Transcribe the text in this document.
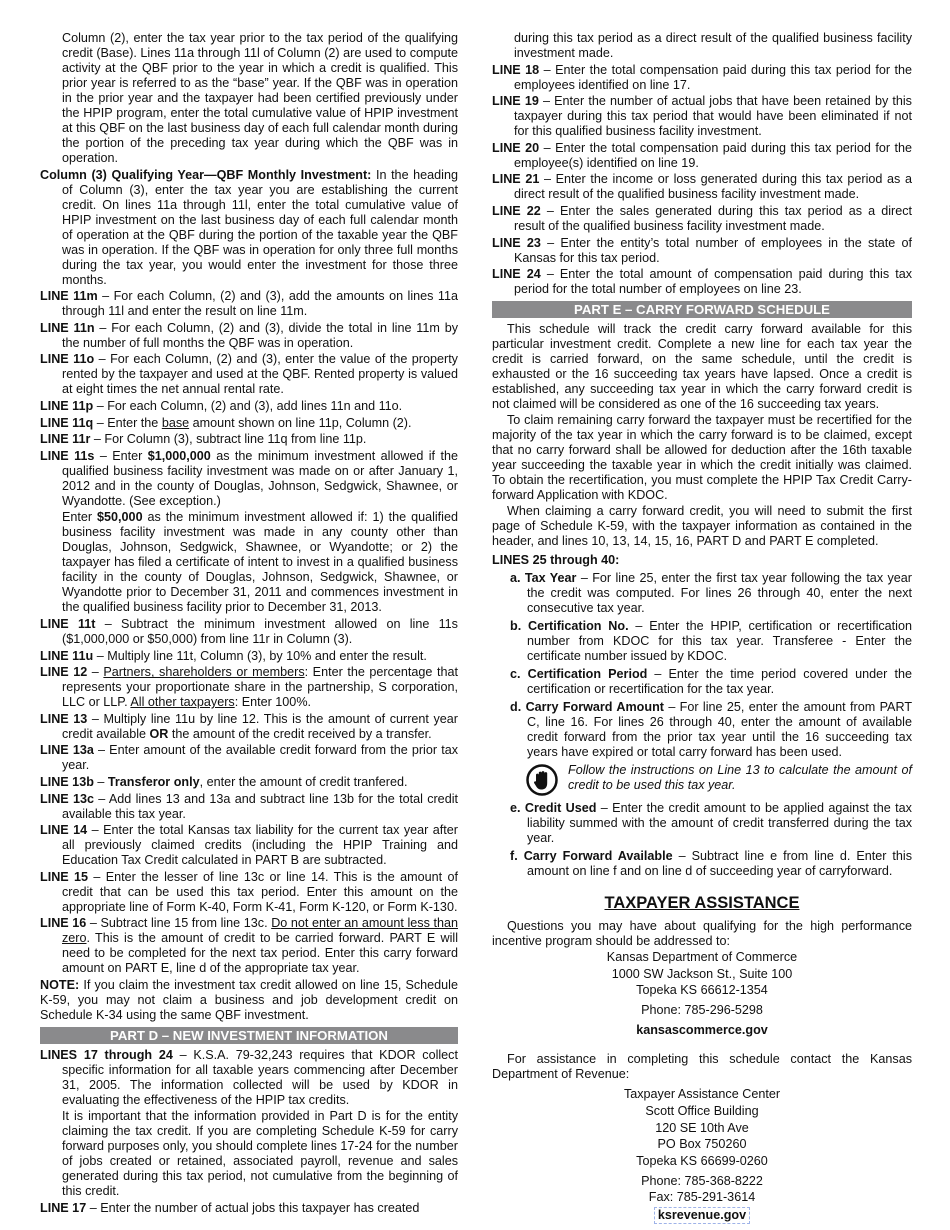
Column (2), enter the tax year prior to the tax period of the qualifying credit (Base). Lines 11a through 11l of Column (2) are used to compute activity at the QBF prior to the year in which a credit is qualified. This prior year is referred to as the “base” year. If the QBF was in operation in the prior year and the taxpayer had been certified previously under the HPIP program, enter the total cumulative value of HPIP investment at this QBF on the last business day of each full calendar month during the portion of the preceding tax year during which the QBF was in operation.
Column (3) Qualifying Year—QBF Monthly Investment: In the heading of Column (3), enter the tax year you are establishing the current credit. On lines 11a through 11l, enter the total cumulative value of HPIP investment on the last business day of each full calendar month of operation at the QBF during the portion of the taxable year the QBF was in operation. If the QBF was in operation for only three full months during the tax year, you would enter the investment for those three months.
LINE 11m – For each Column, (2) and (3), add the amounts on lines 11a through 11l and enter the result on line 11m.
LINE 11n – For each Column, (2) and (3), divide the total in line 11m by the number of full months the QBF was in operation.
LINE 11o – For each Column, (2) and (3), enter the value of the property rented by the taxpayer and used at the QBF. Rented property is valued at eight times the net annual rental rate.
LINE 11p – For each Column, (2) and (3), add lines 11n and 11o.
LINE 11q – Enter the base amount shown on line 11p, Column (2).
LINE 11r – For Column (3), subtract line 11q from line 11p.
LINE 11s – Enter $1,000,000 as the minimum investment allowed if the qualified business facility investment was made on or after January 1, 2012 and in the county of Douglas, Johnson, Sedgwick, Shawnee, or Wyandotte. (See exception.)
Enter $50,000 as the minimum investment allowed if: 1) the qualified business facility investment was made in any county other than Douglas, Johnson, Sedgwick, Shawnee, or Wyandotte; or 2) the taxpayer has filed a certificate of intent to invest in a qualified business facility in the county of Douglas, Johnson, Sedgwick, Shawnee, or Wyandotte prior to December 31, 2011 and commences investment in the qualified business facility prior to December 31, 2013.
LINE 11t – Subtract the minimum investment allowed on line 11s ($1,000,000 or $50,000) from line 11r in Column (3).
LINE 11u – Multiply line 11t, Column (3), by 10% and enter the result.
LINE 12 – Partners, shareholders or members: Enter the percentage that represents your proportionate share in the partnership, S corporation, LLC or LLP. All other taxpayers: Enter 100%.
LINE 13 – Multiply line 11u by line 12. This is the amount of current year credit available OR the amount of the credit received by a transfer.
LINE 13a – Enter amount of the available credit forward from the prior tax year.
LINE 13b – Transferor only, enter the amount of credit tranfered.
LINE 13c – Add lines 13 and 13a and subtract line 13b for the total credit available this tax year.
LINE 14 – Enter the total Kansas tax liability for the current tax year after all previously claimed credits (including the HPIP Training and Education Tax Credit calculated in PART B are subtracted.
LINE 15 – Enter the lesser of line 13c or line 14. This is the amount of credit that can be used this tax period. Enter this amount on the appropriate line of Form K-40, Form K-41, Form K-120, or Form K-130.
LINE 16 – Subtract line 15 from line 13c. Do not enter an amount less than zero. This is the amount of credit to be carried forward. PART E will need to be completed for the next tax period. Enter this carry forward amount on PART E, line d of the appropriate tax year.
NOTE: If you claim the investment tax credit allowed on line 15, Schedule K-59, you may not claim a business and job development credit on Schedule K-34 using the same QBF investment.
PART D – NEW INVESTMENT INFORMATION
LINES 17 through 24 – K.S.A. 79-32,243 requires that KDOR collect specific information for all taxable years commencing after December 31, 2005. The information collected will be used by KDOR in evaluating the effectiveness of the HPIP tax credits.
It is important that the information provided in Part D is for the entity claiming the tax credit. If you are completing Schedule K-59 for carry forward purposes only, you should complete lines 17-24 for the number of jobs created or retained, associated payroll, revenue and sales generated during this tax period, not cumulative from the beginning of this credit.
LINE 17 – Enter the number of actual jobs this taxpayer has created
during this tax period as a direct result of the qualified business facility investment made.
LINE 18 – Enter the total compensation paid during this tax period for the employees identified on line 17.
LINE 19 – Enter the number of actual jobs that have been retained by this taxpayer during this tax period that would have been eliminated if not for this qualified business facility investment.
LINE 20 – Enter the total compensation paid during this tax period for the employee(s) identified on line 19.
LINE 21 – Enter the income or loss generated during this tax period as a direct result of the qualified business facility investment made.
LINE 22 – Enter the sales generated during this tax period as a direct result of the qualified business facility investment made.
LINE 23 – Enter the entity’s total number of employees in the state of Kansas for this tax period.
LINE 24 – Enter the total amount of compensation paid during this tax period for the total number of employees on line 23.
PART E – CARRY FORWARD SCHEDULE
This schedule will track the credit carry forward available for this particular investment credit. Complete a new line for each tax year the credit is carried forward, on the same schedule, until the credit is exhausted or the 16 succeeding tax years have lapsed. Once a credit is established, any succeeding tax year in which the carry forward credit is not claimed will be considered as one of the 16 succeeding tax years.
To claim remaining carry forward the taxpayer must be recertified for the majority of the tax year in which the carry forward is to be claimed, except that no carry forward shall be allowed for deduction after the 16th taxable year succeeding the taxable year in which the credit initially was claimed. To obtain the recertification, you must complete the HPIP Tax Credit Carry-forward Application with KDOC.
When claiming a carry forward credit, you will need to submit the first page of Schedule K-59, with the taxpayer information as contained in the header, and lines 10, 13, 14, 15, 16, PART D and PART E completed.
LINES 25 through 40:
a. Tax Year – For line 25, enter the first tax year following the tax year the credit was computed. For lines 26 through 40, enter the next consecutive tax year.
b. Certification No. – Enter the HPIP, certification or recertification number from KDOC for this tax year. Transferee - Enter the certificate number issued by KDOC.
c. Certification Period – Enter the time period covered under the certification or recertification for the tax year.
d. Carry Forward Amount – For line 25, enter the amount from PART C, line 16. For lines 26 through 40, enter the amount of available credit forward from the prior tax year until the 16 succeeding tax years have expired or total carry forward has been used.
Follow the instructions on Line 13 to calculate the amount of credit to be used this tax year.
e. Credit Used – Enter the credit amount to be applied against the tax liability summed with the amount of credit transferred during the tax year.
f. Carry Forward Available – Subtract line e from line d. Enter this amount on line f and on line d of succeeding year of carryforward.
TAXPAYER ASSISTANCE
Questions you may have about qualifying for the high performance incentive program should be addressed to:
Kansas Department of Commerce
1000 SW Jackson St., Suite 100
Topeka KS 66612-1354
Phone: 785-296-5298
kansascommerce.gov
For assistance in completing this schedule contact the Kansas Department of Revenue:
Taxpayer Assistance Center
Scott Office Building
120 SE 10th Ave
PO Box 750260
Topeka KS 66699-0260
Phone: 785-368-8222
Fax: 785-291-3614
ksrevenue.gov
